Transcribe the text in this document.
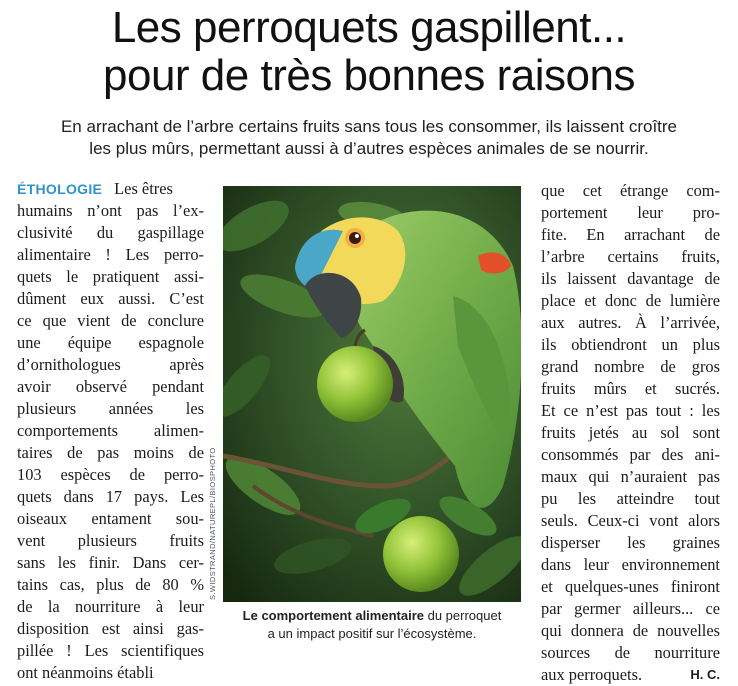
Les perroquets gaspillent...
pour de très bonnes raisons
En arrachant de l’arbre certains fruits sans tous les consommer, ils laissent croître
les plus mûrs, permettant aussi à d’autres espèces animales de se nourrir.
ÉTHOLOGIE Les êtres
humains n’ont pas l’ex-
clusivité du gaspillage
alimentaire ! Les perro-
quets le pratiquent assi-
dûment eux aussi. C’est
ce que vient de conclure
une équipe espagnole
d’ornithologues après
avoir observé pendant
plusieurs années les
comportements alimen-
taires de pas moins de
103 espèces de perro-
quets dans 17 pays. Les
oiseaux entament sou-
vent plusieurs fruits
sans les finir. Dans cer-
tains cas, plus de 80 %
de la nourriture à leur
disposition est ainsi gas-
pillée ! Les scientifiques
ont néanmoins établi
S.WIDSTRAND/NATUREPL/BIOSPHOTO
que cet étrange com-
portement leur pro-
fite. En arrachant de
l’arbre certains fruits,
ils laissent davantage de
place et donc de lumière
aux autres. À l’arrivée,
ils obtiendront un plus
grand nombre de gros
fruits mûrs et sucrés.
Et ce n’est pas tout : les
fruits jetés au sol sont
consommés par des ani-
maux qui n’auraient pas
pu les atteindre tout
seuls. Ceux-ci vont alors
disperser les graines
dans leur environnement
et quelques-unes finiront
par germer ailleurs... ce
qui donnera de nouvelles
sources de nourriture
aux perroquets.	H. C.
Le comportement alimentaire du perroquet
a un impact positif sur l’écosystème.
